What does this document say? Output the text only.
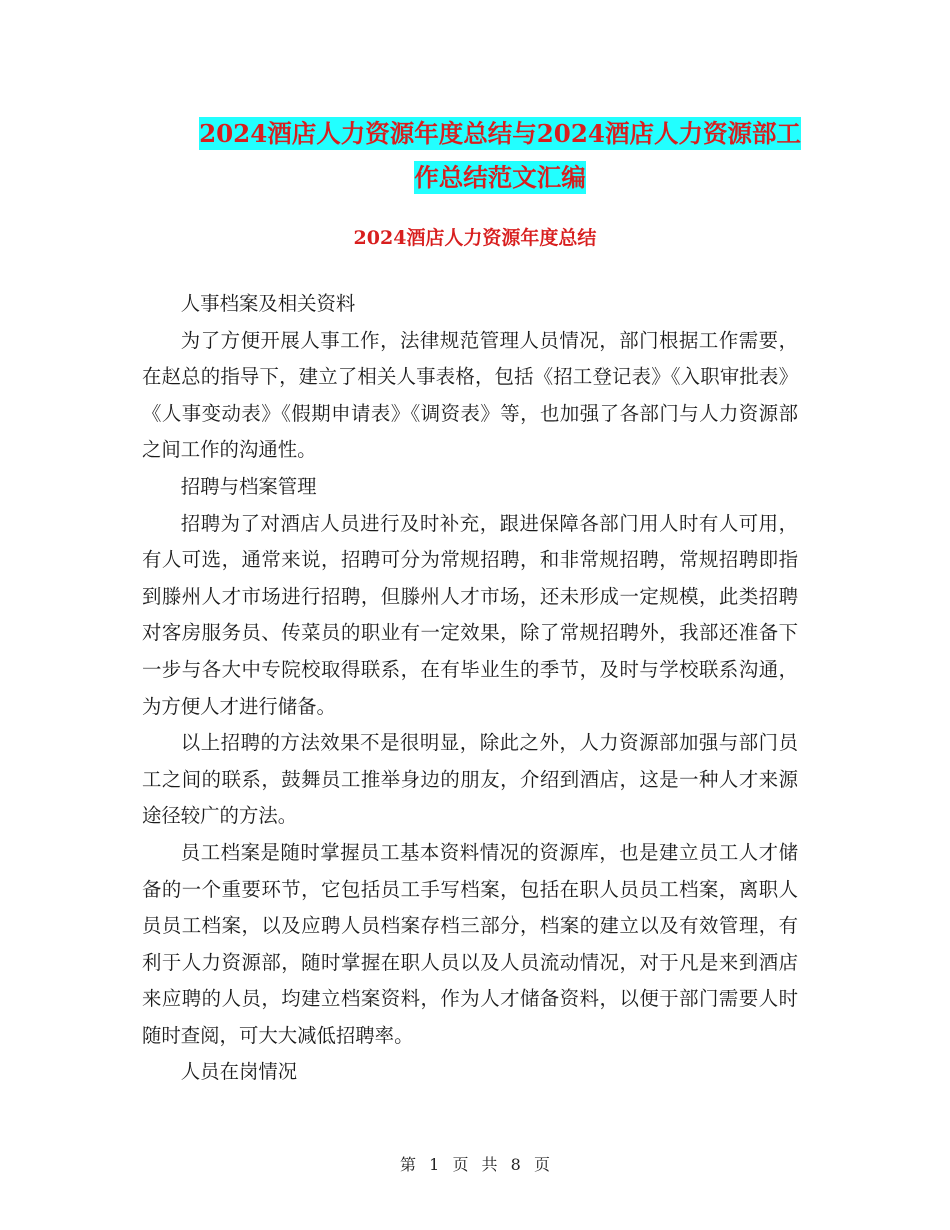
2024酒店人力资源年度总结与2024酒店人力资源部工
作总结范文汇编
2024酒店人力资源年度总结

人事档案及相关资料

为了方便开展人事工作，法律规范管理人员情况，部门根据工作需要，在赵总的指导下，建立了相关人事表格，包括《招工登记表》《入职审批表》《人事变动表》《假期申请表》《调资表》等，也加强了各部门与人力资源部之间工作的沟通性。

招聘与档案管理

招聘为了对酒店人员进行及时补充，跟进保障各部门用人时有人可用，有人可选，通常来说，招聘可分为常规招聘，和非常规招聘，常规招聘即指到滕州人才市场进行招聘，但滕州人才市场，还未形成一定规模，此类招聘对客房服务员、传菜员的职业有一定效果，除了常规招聘外，我部还准备下一步与各大中专院校取得联系，在有毕业生的季节，及时与学校联系沟通，为方便人才进行储备。

以上招聘的方法效果不是很明显，除此之外，人力资源部加强与部门员工之间的联系，鼓舞员工推举身边的朋友，介绍到酒店，这是一种人才来源途径较广的方法。

员工档案是随时掌握员工基本资料情况的资源库，也是建立员工人才储备的一个重要环节，它包括员工手写档案，包括在职人员员工档案，离职人员员工档案，以及应聘人员档案存档三部分，档案的建立以及有效管理，有利于人力资源部，随时掌握在职人员以及人员流动情况，对于凡是来到酒店来应聘的人员，均建立档案资料，作为人才储备资料，以便于部门需要人时随时查阅，可大大减低招聘率。

人员在岗情况

第 1 页 共 8 页
